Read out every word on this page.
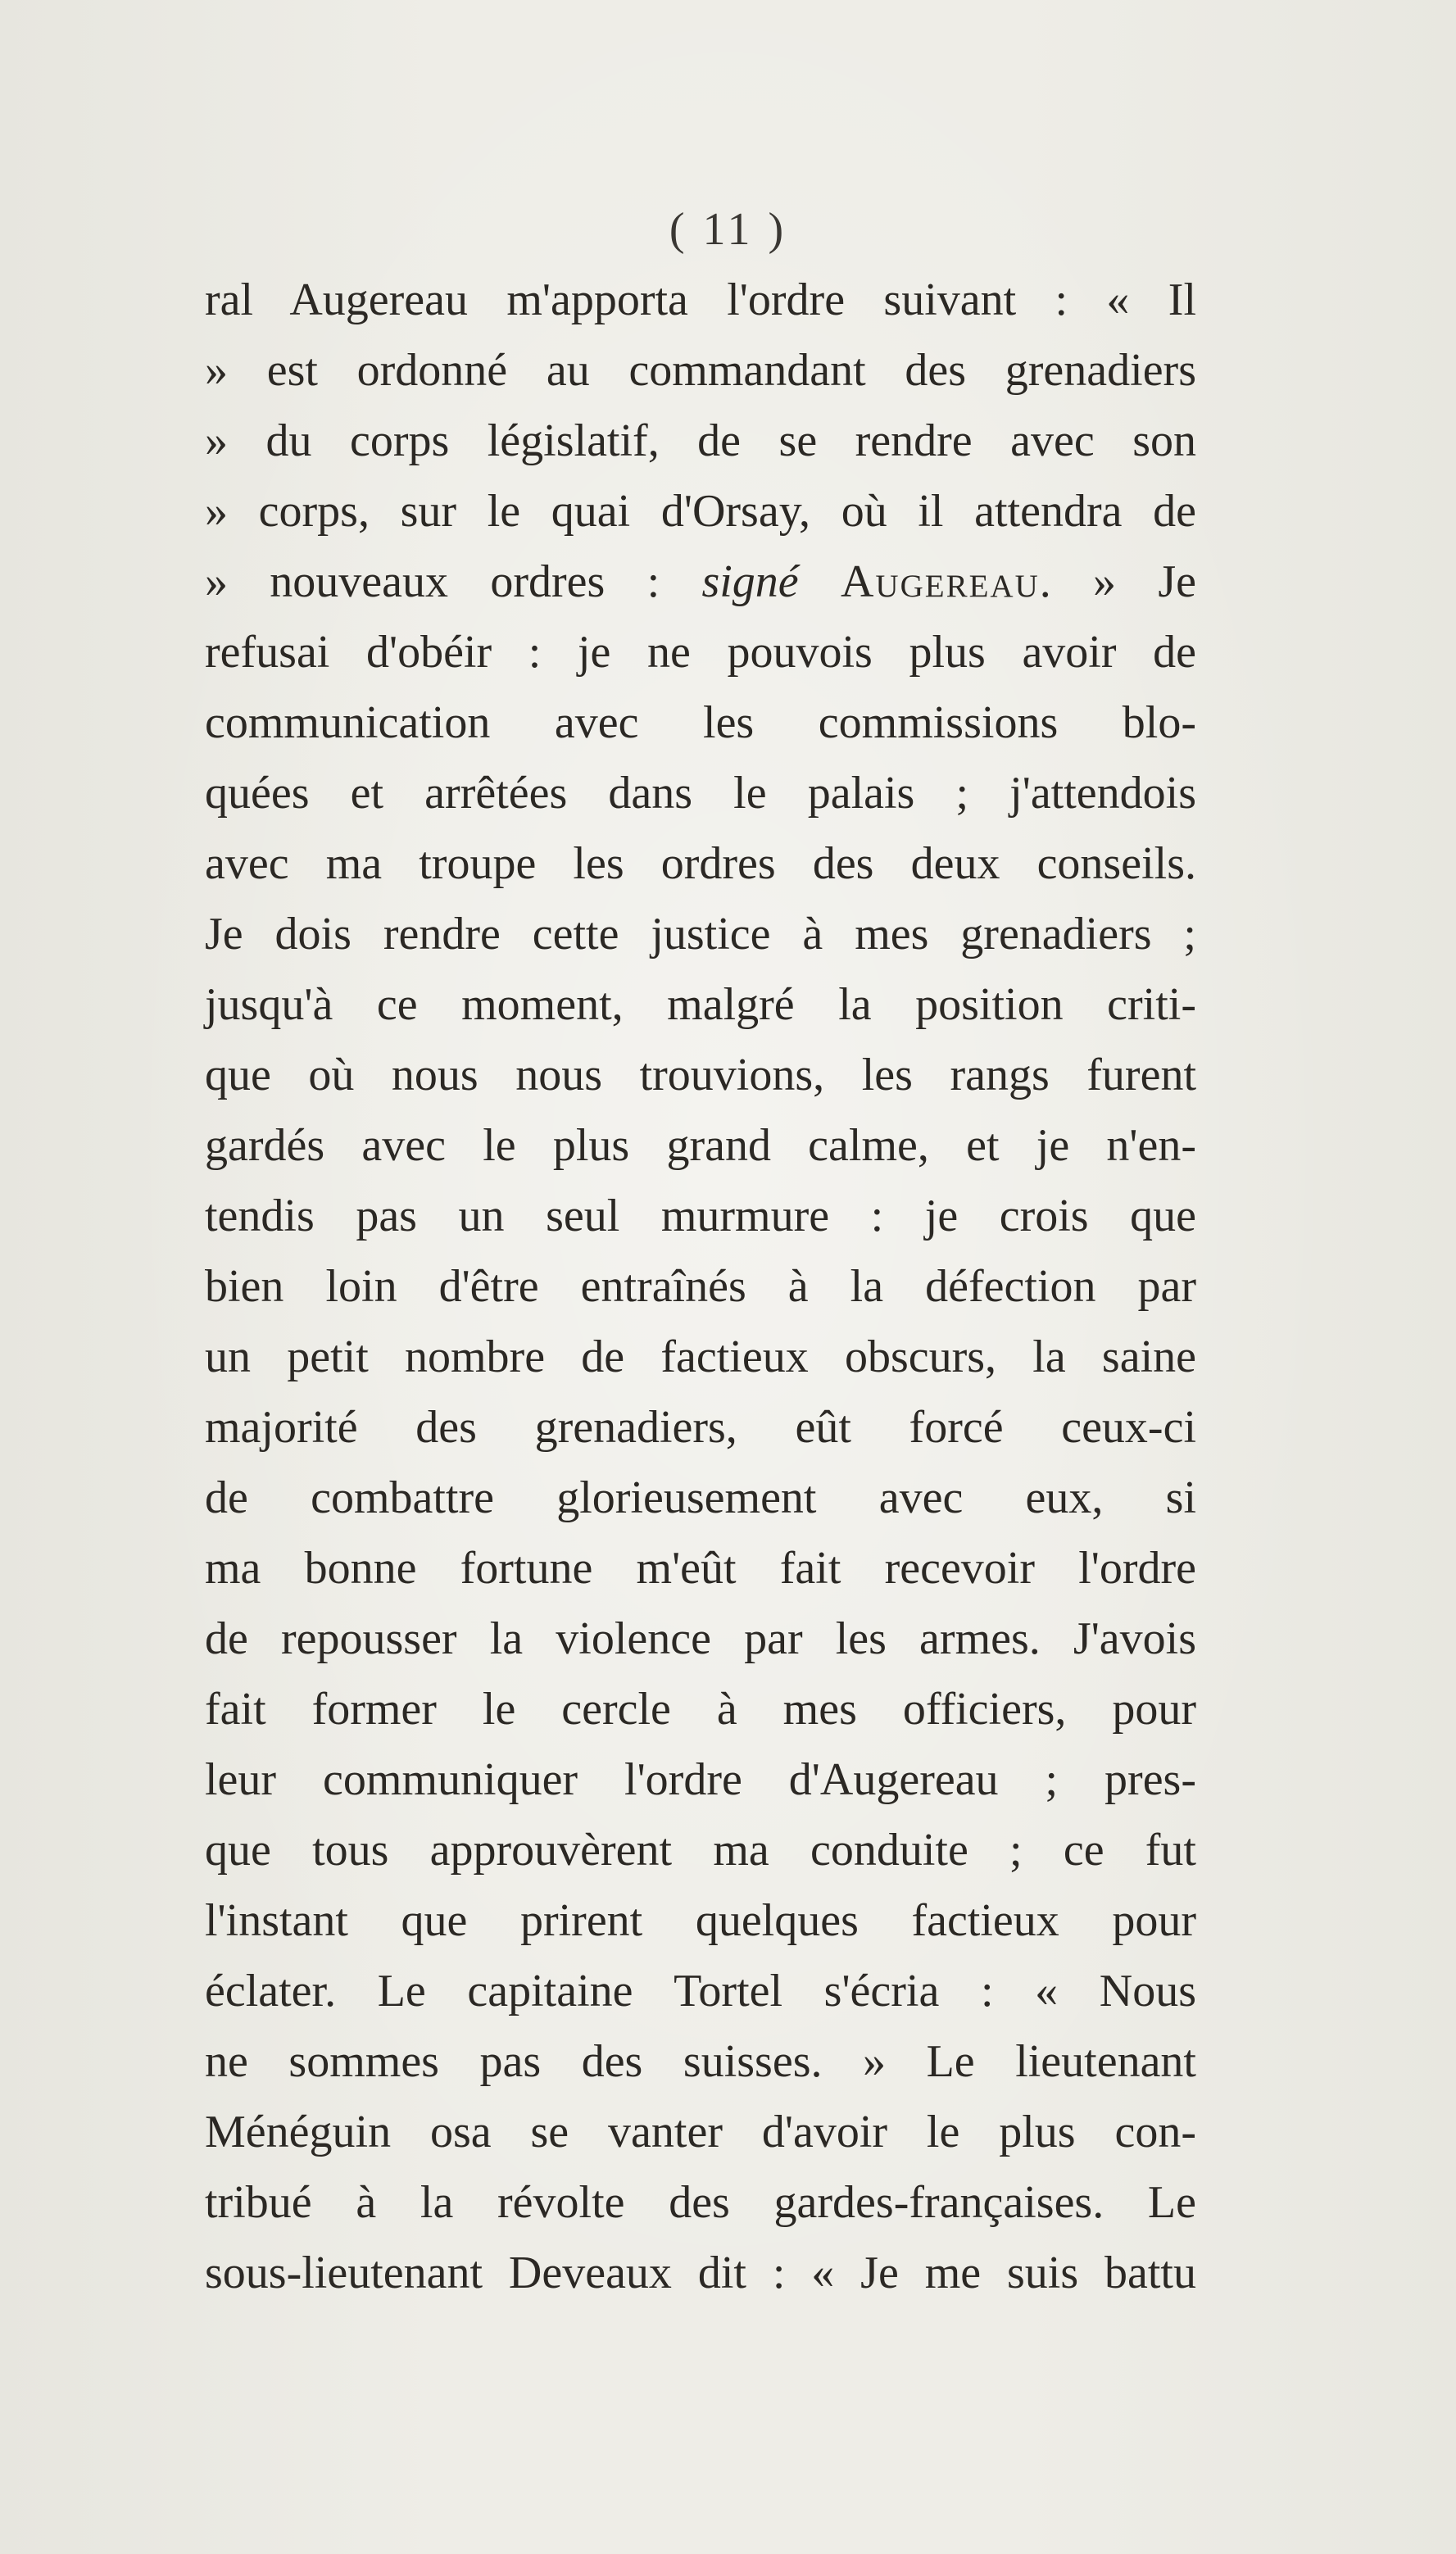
( 11 )
ral Augereau m'apporta l'ordre suivant : « Il
» est ordonné au commandant des grenadiers
» du corps législatif, de se rendre avec son
» corps, sur le quai d'Orsay, où il attendra de
» nouveaux ordres : signé Augereau. » Je
refusai d'obéir : je ne pouvois plus avoir de
communication avec les commissions blo-
quées et arrêtées dans le palais ; j'attendois
avec ma troupe les ordres des deux conseils.
Je dois rendre cette justice à mes grenadiers ;
jusqu'à ce moment, malgré la position criti-
que où nous nous trouvions, les rangs furent
gardés avec le plus grand calme, et je n'en-
tendis pas un seul murmure : je crois que
bien loin d'être entraînés à la défection par
un petit nombre de factieux obscurs, la saine
majorité des grenadiers, eût forcé ceux-ci
de combattre glorieusement avec eux, si
ma bonne fortune m'eût fait recevoir l'ordre
de repousser la violence par les armes. J'avois
fait former le cercle à mes officiers, pour
leur communiquer l'ordre d'Augereau ; pres-
que tous approuvèrent ma conduite ; ce fut
l'instant que prirent quelques factieux pour
éclater. Le capitaine Tortel s'écria : « Nous
ne sommes pas des suisses. » Le lieutenant
Ménéguin osa se vanter d'avoir le plus con-
tribué à la révolte des gardes-françaises. Le
sous-lieutenant Deveaux dit : « Je me suis battu
